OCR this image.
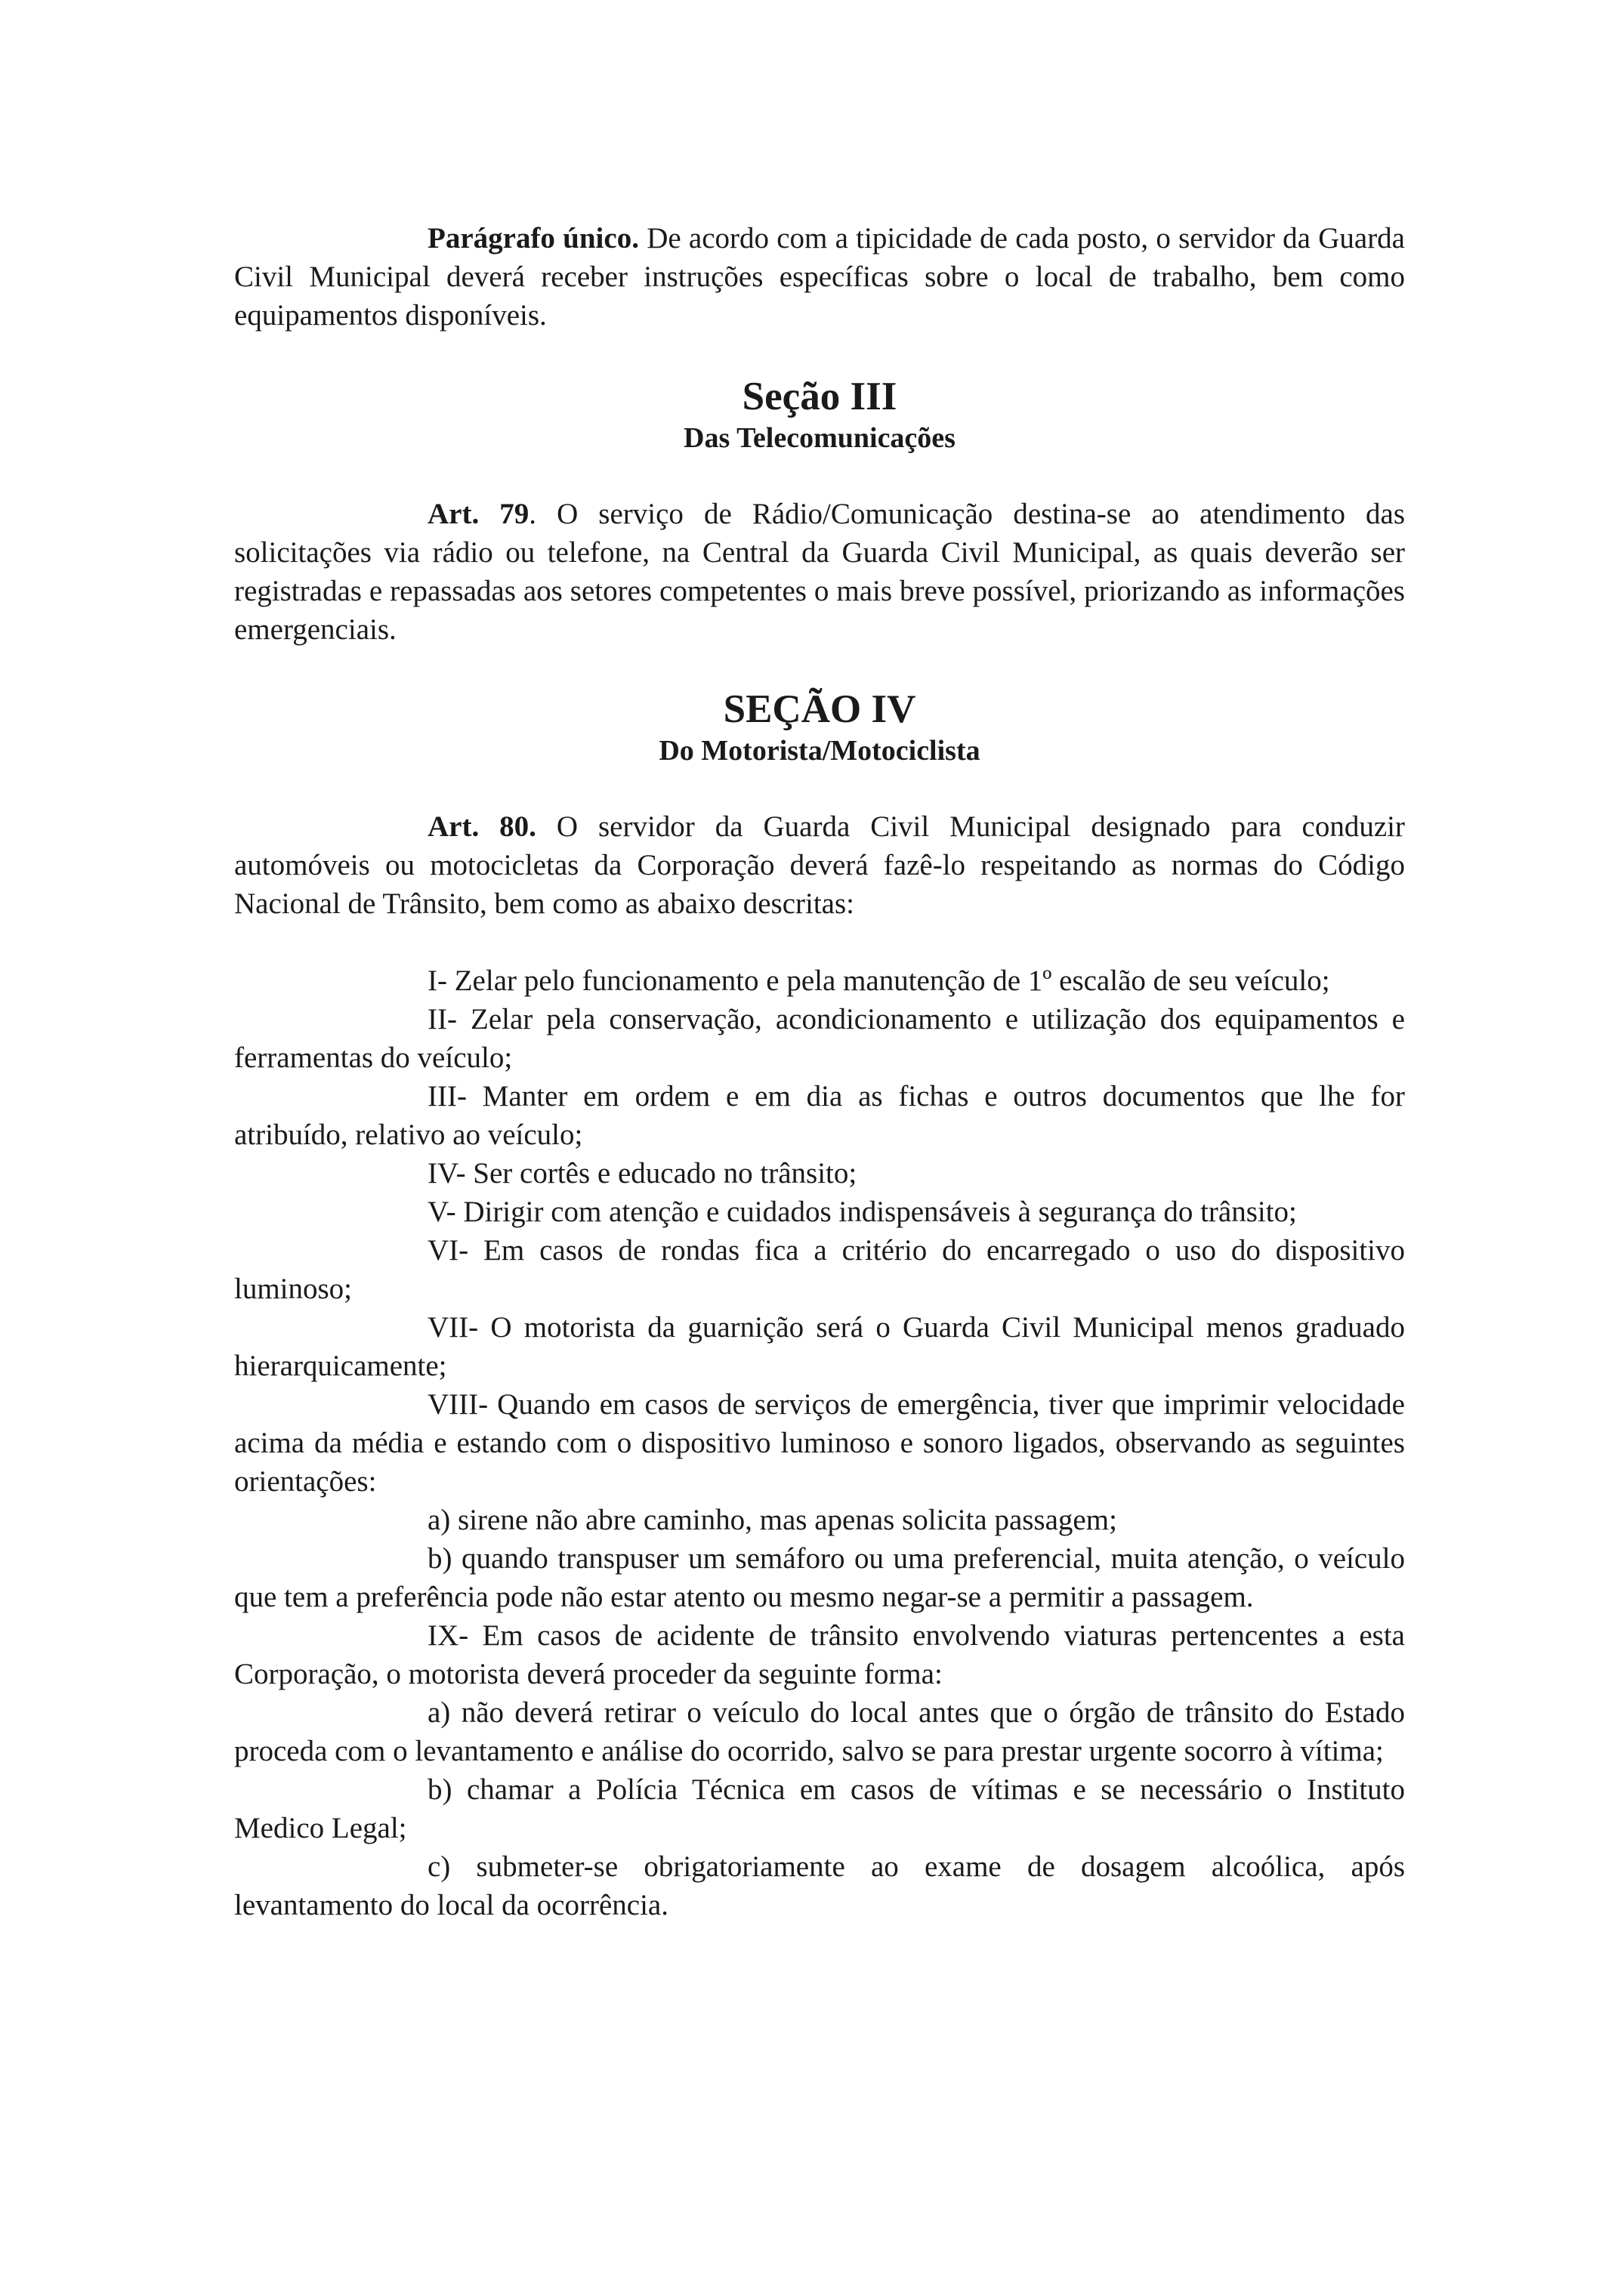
Parágrafo único. De acordo com a tipicidade de cada posto, o servidor da Guarda Civil Municipal deverá receber instruções específicas sobre o local de trabalho, bem como equipamentos disponíveis.

Seção III
Das Telecomunicações

Art. 79. O serviço de Rádio/Comunicação destina-se ao atendimento das solicitações via rádio ou telefone, na Central da Guarda Civil Municipal, as quais deverão ser registradas e repassadas aos setores competentes o mais breve possível, priorizando as informações emergenciais.

SEÇÃO IV
Do Motorista/Motociclista

Art. 80. O servidor da Guarda Civil Municipal designado para conduzir automóveis ou motocicletas da Corporação deverá fazê-lo respeitando as normas do Código Nacional de Trânsito, bem como as abaixo descritas:

I- Zelar pelo funcionamento e pela manutenção de 1º escalão de seu veículo;

II- Zelar pela conservação, acondicionamento e utilização dos equipamentos e ferramentas do veículo;

III- Manter em ordem e em dia as fichas e outros documentos que lhe for atribuído, relativo ao veículo;

IV- Ser cortês e educado no trânsito;

V- Dirigir com atenção e cuidados indispensáveis à segurança do trânsito;

VI- Em casos de rondas fica a critério do encarregado o uso do dispositivo luminoso;

VII- O motorista da guarnição será o Guarda Civil Municipal menos graduado hierarquicamente;

VIII- Quando em casos de serviços de emergência, tiver que imprimir velocidade acima da média e estando com o dispositivo luminoso e sonoro ligados, observando as seguintes orientações:

a) sirene não abre caminho, mas apenas solicita passagem;

b) quando transpuser um semáforo ou uma preferencial, muita atenção, o veículo que tem a preferência pode não estar atento ou mesmo negar-se a permitir a passagem.

IX- Em casos de acidente de trânsito envolvendo viaturas pertencentes a esta Corporação, o motorista deverá proceder da seguinte forma:

a) não deverá retirar o veículo do local antes que o órgão de trânsito do Estado proceda com o levantamento e análise do ocorrido, salvo se para prestar urgente socorro à vítima;

b) chamar a Polícia Técnica em casos de vítimas e se necessário o Instituto Medico Legal;

c) submeter-se obrigatoriamente ao exame de dosagem alcoólica, após levantamento do local da ocorrência.
